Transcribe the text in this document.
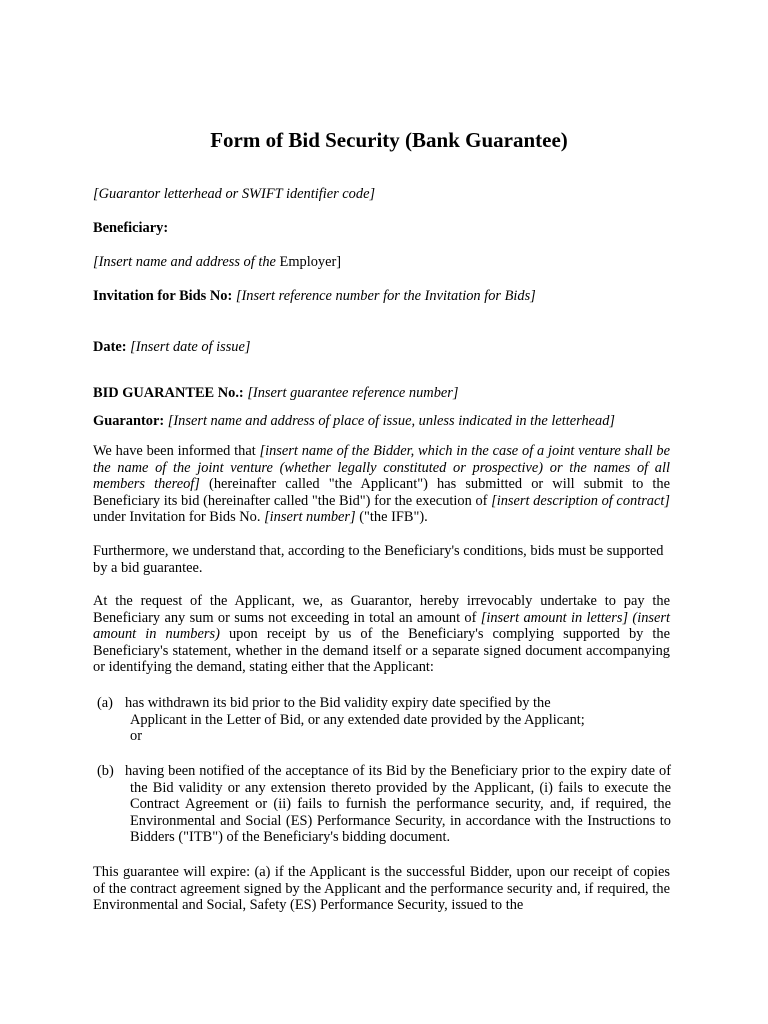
Form of Bid Security (Bank Guarantee)

[Guarantor letterhead or SWIFT identifier code]

Beneficiary:

[Insert name and address of the Employer]

Invitation for Bids No: [Insert reference number for the Invitation for Bids]

Date: [Insert date of issue]

BID GUARANTEE No.: [Insert guarantee reference number]

Guarantor: [Insert name and address of place of issue, unless indicated in the letterhead]

We have been informed that [insert name of the Bidder, which in the case of a joint venture shall be the name of the joint venture (whether legally constituted or prospective) or the names of all members thereof] (hereinafter called "the Applicant") has submitted or will submit to the Beneficiary its bid (hereinafter called "the Bid") for the execution of [insert description of contract] under Invitation for Bids No. [insert number] ("the IFB").

Furthermore, we understand that, according to the Beneficiary's conditions, bids must be supported by a bid guarantee.

At the request of the Applicant, we, as Guarantor, hereby irrevocably undertake to pay the Beneficiary any sum or sums not exceeding in total an amount of [insert amount in letters] (insert amount in numbers) upon receipt by us of the Beneficiary's complying supported by the Beneficiary's statement, whether in the demand itself or a separate signed document accompanying or identifying the demand, stating either that the Applicant:

(a) has withdrawn its bid prior to the Bid validity expiry date specified by the
Applicant in the Letter of Bid, or any extended date provided by the Applicant;
or
(b) having been notified of the acceptance of its Bid by the Beneficiary prior to the expiry date of the Bid validity or any extension thereto provided by the Applicant, (i) fails to execute the Contract Agreement or (ii) fails to furnish the performance security, and, if required, the Environmental and Social (ES) Performance Security, in accordance with the Instructions to Bidders ("ITB") of the Beneficiary's bidding document.

This guarantee will expire: (a) if the Applicant is the successful Bidder, upon our receipt of copies of the contract agreement signed by the Applicant and the performance security and, if required, the Environmental and Social, Safety (ES) Performance Security, issued to the
